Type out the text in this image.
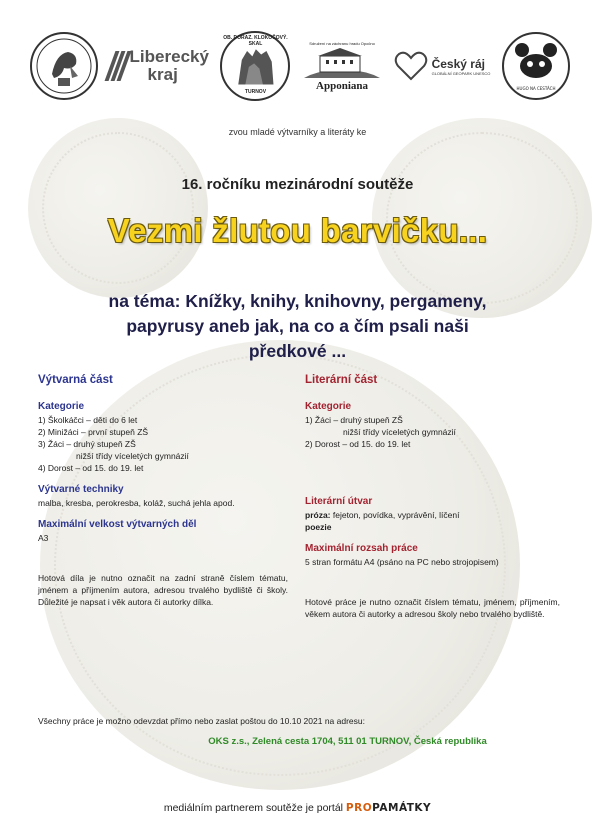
Liberecký
kraj
OB. DORAZ. KLOKOČOVÝ. SKAL
TURNOV
Sdružení na záchranu hradu Opočno
Apponiana
Český ráj
GLOBÁLNÍ GEOPARK UNESCO
HUGO NA CESTÁCH
zvou mladé výtvarníky a literáty ke
16. ročníku mezinárodní soutěže
Vezmi žlutou barvičku...
na téma: Knížky, knihy, knihovny, pergameny,
papyrusy aneb jak, na co a čím psali naši
předkové ...
Výtvarná část
Kategorie
1) Školkáčci – děti do 6 let
2) Minižáci – první stupeň ZŠ
3) Žáci – druhý stupeň ZŠ
nižší třídy víceletých gymnázií
4) Dorost – od 15. do 19. let
Výtvarné techniky
malba, kresba, perokresba, koláž, suchá jehla apod.
Maximální velkost výtvarných děl
A3
Hotová díla je nutno označit na zadní straně číslem tématu, jménem a příjmením autora, adresou trvalého bydliště či školy. Důležité je napsat i věk autora či autorky dílka.
Literární část
Kategorie
1) Žáci – druhý stupeň ZŠ
nižší třídy víceletých gymnázií
2) Dorost – od 15. do 19. let
Literární útvar
próza: fejeton, povídka, vyprávění, líčení
poezie
Maximální rozsah práce
5 stran formátu A4 (psáno na PC nebo strojopisem)
Hotové práce je nutno označit číslem tématu, jménem, příjmením, věkem autora či autorky a adresou školy nebo trvalého bydliště.
Všechny práce je možno odevzdat přímo nebo zaslat poštou do 10.10 2021 na adresu:
OKS z.s., Zelená cesta 1704, 511 01 TURNOV, Česká republika
mediálním partnerem soutěže je portál PROPAMÁTKY
